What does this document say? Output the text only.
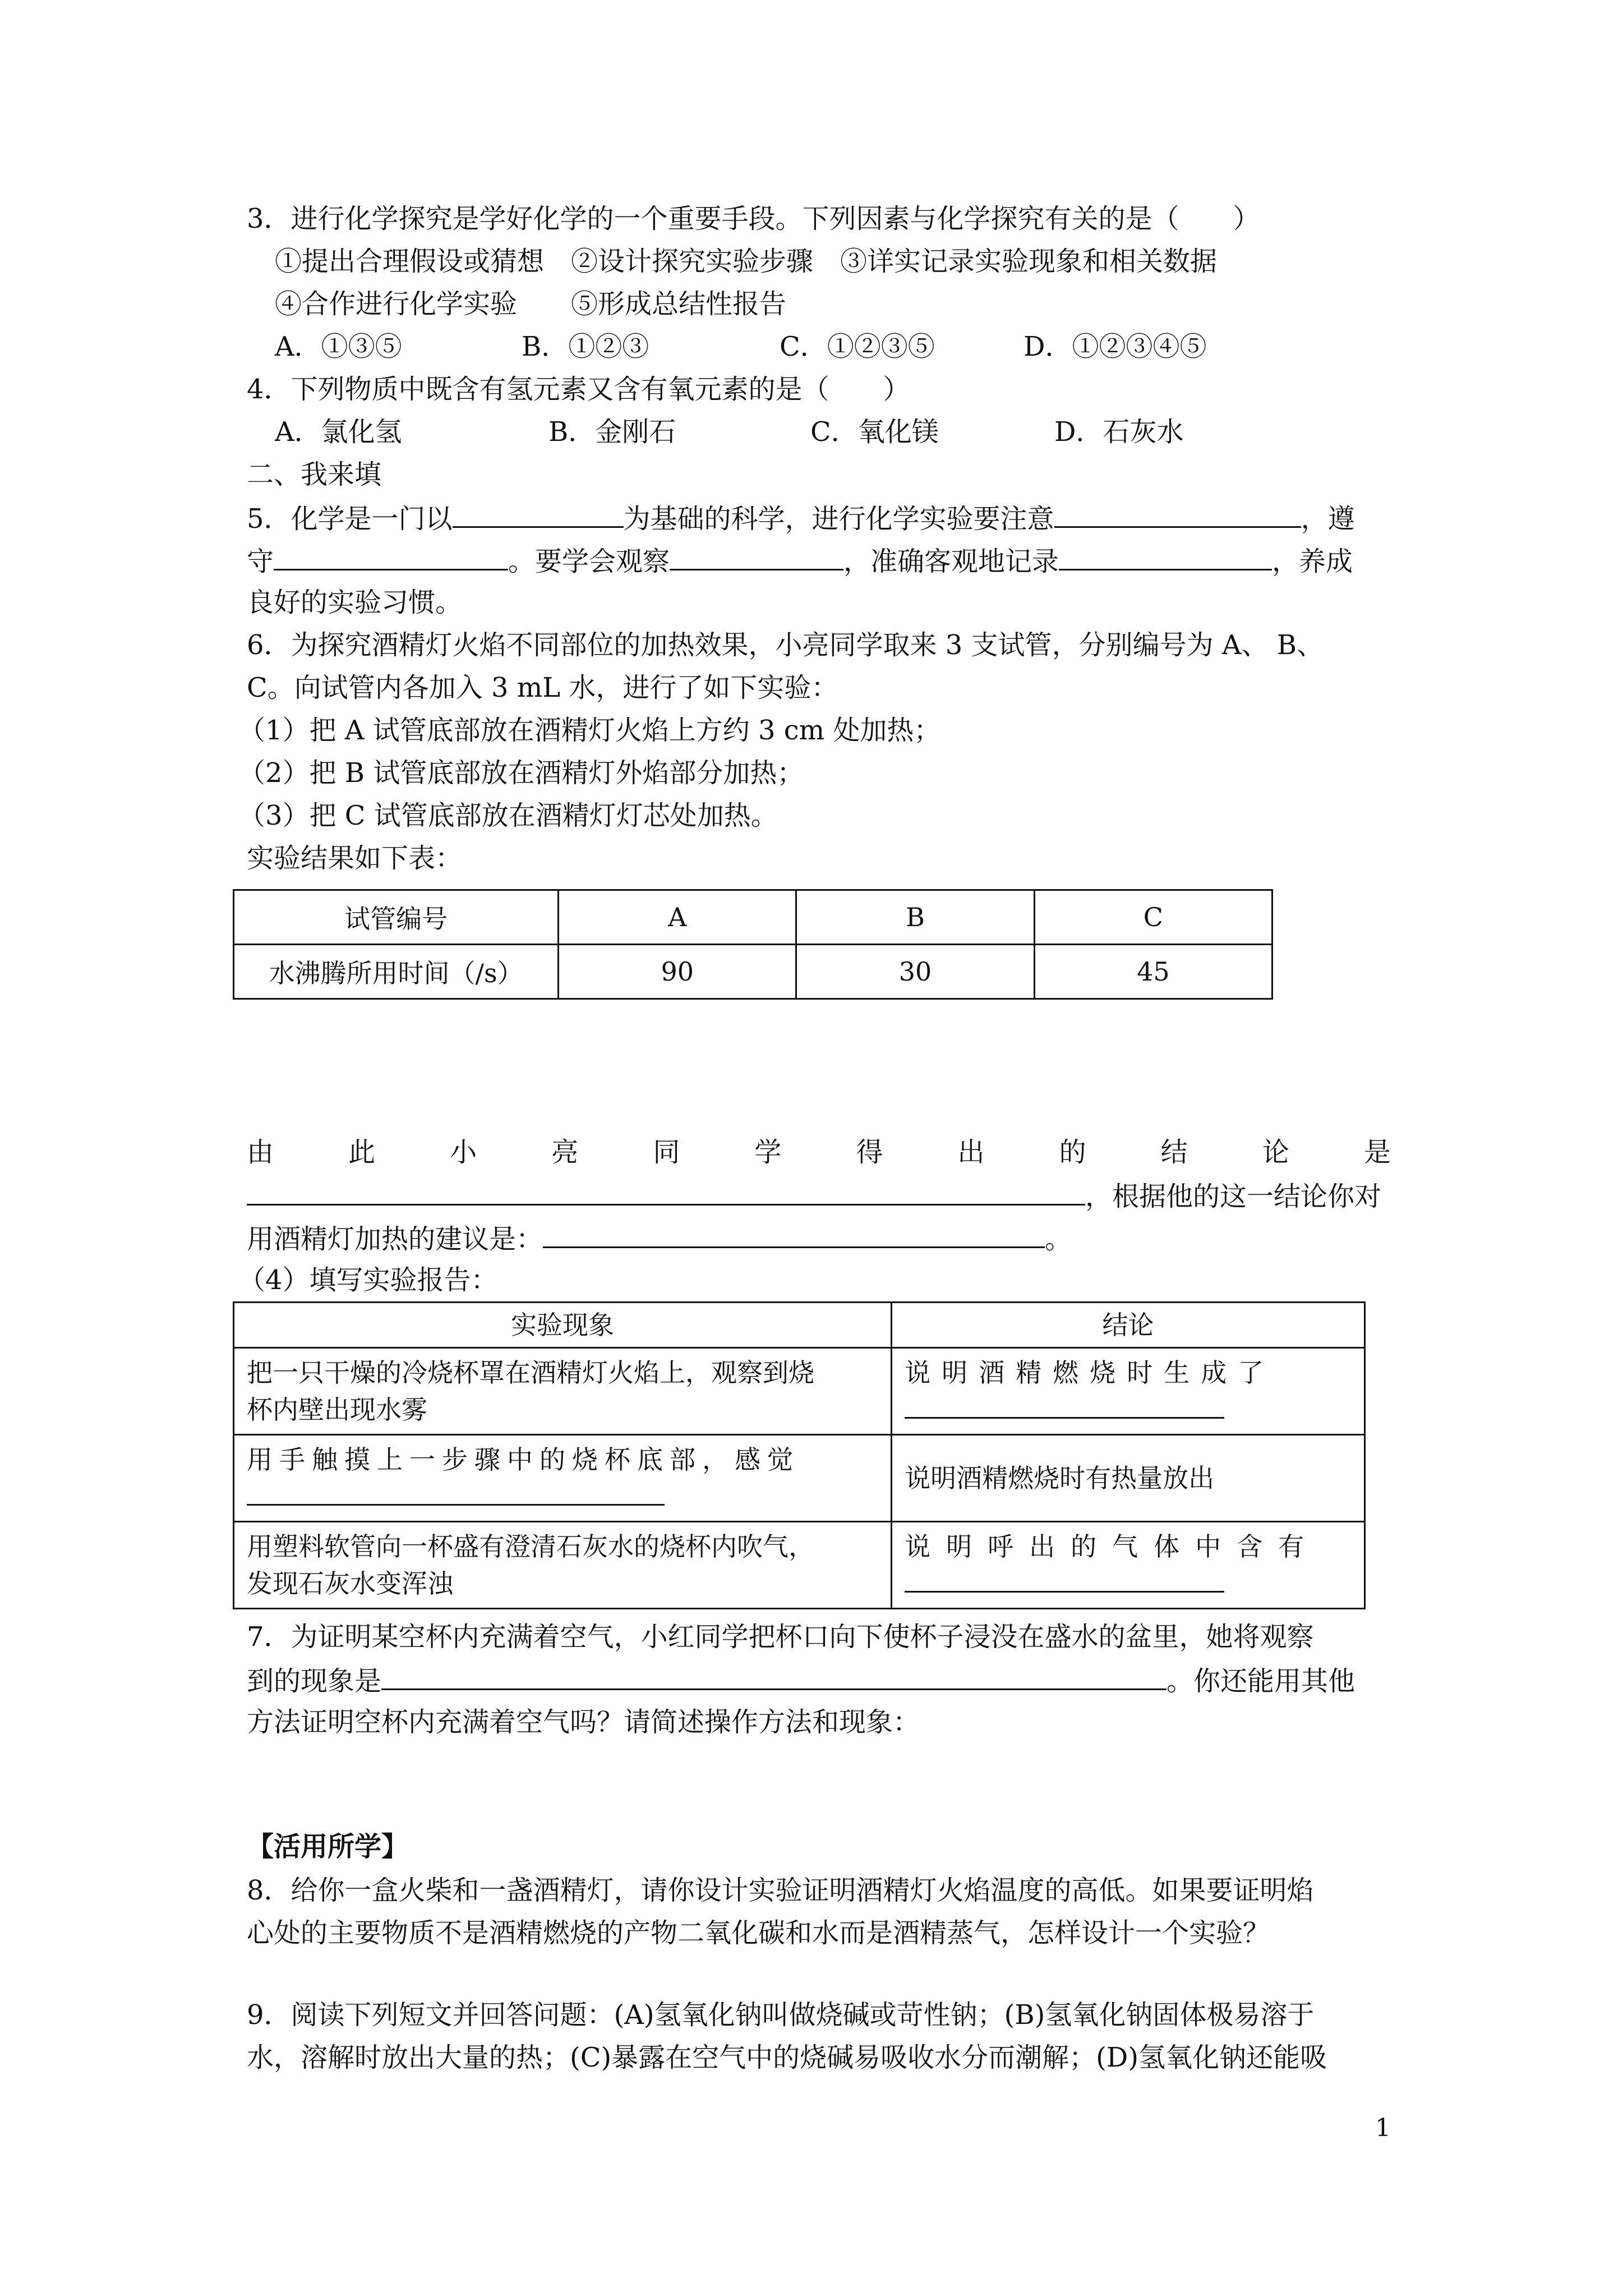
3．进行化学探究是学好化学的一个重要手段。下列因素与化学探究有关的是（　　）
①提出合理假设或猜想　②设计探究实验步骤　③详实记录实验现象和相关数据
④合作进行化学实验　　⑤形成总结性报告
A．①③⑤	B．①②③	C．①②③⑤	D．①②③④⑤
4．下列物质中既含有氢元素又含有氧元素的是（　　）
A．氯化氢	B．金刚石	C．氧化镁	D．石灰水
二、我来填
5．化学是一门以	为基础的科学，进行化学实验要注意	，遵
守	。要学会观察	，准确客观地记录	，养成
良好的实验习惯。
6．为探究酒精灯火焰不同部位的加热效果，小亮同学取来 3 支试管，分别编号为 A、 B、
C。向试管内各加入 3 mL 水，进行了如下实验：
（1）把 A 试管底部放在酒精灯火焰上方约 3 cm 处加热；
（2）把 B 试管底部放在酒精灯外焰部分加热；
（3）把 C 试管底部放在酒精灯灯芯处加热。
实验结果如下表：
试管编号	A	B	C
水沸腾所用时间（/s）	90	30	45
由	此	小	亮	同	学	得	出	的	结	论	是
，根据他的这一结论你对
用酒精灯加热的建议是：	。
（4）填写实验报告：
实验现象	结论

把一只干燥的冷烧杯罩在酒精灯火焰上，观察到烧
杯内壁出现水雾	说明酒精燃烧时生成了

用手触摸上一步骤中的烧杯底部，感觉	说明酒精燃烧时有热量放出

用塑料软管向一杯盛有澄清石灰水的烧杯内吹气，
发现石灰水变浑浊	说明呼出的气体中含有
7．为证明某空杯内充满着空气，小红同学把杯口向下使杯子浸没在盛水的盆里，她将观察
到的现象是	。你还能用其他
方法证明空杯内充满着空气吗？请简述操作方法和现象：
【活用所学】
8．给你一盒火柴和一盏酒精灯，请你设计实验证明酒精灯火焰温度的高低。如果要证明焰
心处的主要物质不是酒精燃烧的产物二氧化碳和水而是酒精蒸气，怎样设计一个实验？
9．阅读下列短文并回答问题：(A)氢氧化钠叫做烧碱或苛性钠；(B)氢氧化钠固体极易溶于
水，溶解时放出大量的热；(C)暴露在空气中的烧碱易吸收水分而潮解；(D)氢氧化钠还能吸
1
